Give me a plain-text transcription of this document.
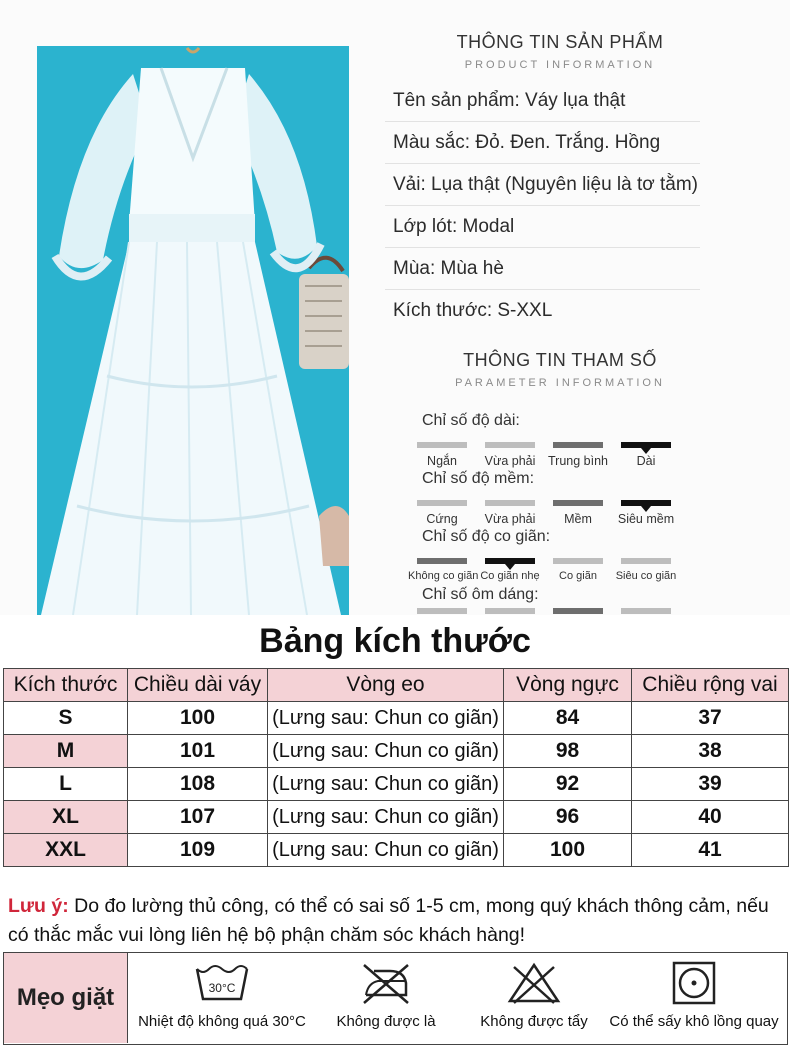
THÔNG TIN SẢN PHẨM
PRODUCT INFORMATION
Tên sản phẩm: Váy lụa thật
Màu sắc: Đỏ. Đen. Trắng. Hồng
Vải: Lụa thật (Nguyên liệu là tơ tằm)
Lớp lót: Modal
Mùa: Mùa hè
Kích thước: S-XXL
THÔNG TIN THAM SỐ
PARAMETER INFORMATION
Chỉ số độ dài:
Ngắn	Vừa phải	Trung bình	Dài
Chỉ số độ mềm:
Cứng	Vừa phải	Mềm	Siêu mềm
Chỉ số độ co giãn:
Không co giãn Co giãn nhẹ	Co giãn	Siêu co giãn
Chỉ số ôm dáng:
Bảng kích thước
Kích thước	Chiều dài váy	Vòng eo	Vòng ngực	Chiều rộng vai
S	100	(Lưng sau: Chun co giãn)	84	37
M	101	(Lưng sau: Chun co giãn)	98	38
L	108	(Lưng sau: Chun co giãn)	92	39
XL	107	(Lưng sau: Chun co giãn)	96	40
XXL	109	(Lưng sau: Chun co giãn)	100	41
Lưu ý: Do đo lường thủ công, có thể có sai số 1-5 cm, mong quý khách thông cảm, nếu có thắc mắc vui lòng liên hệ bộ phận chăm sóc khách hàng!
Mẹo giặt	30°C
Nhiệt độ không quá 30°C	Không được là	Không được tẩy	Có thể sấy khô lồng quay
